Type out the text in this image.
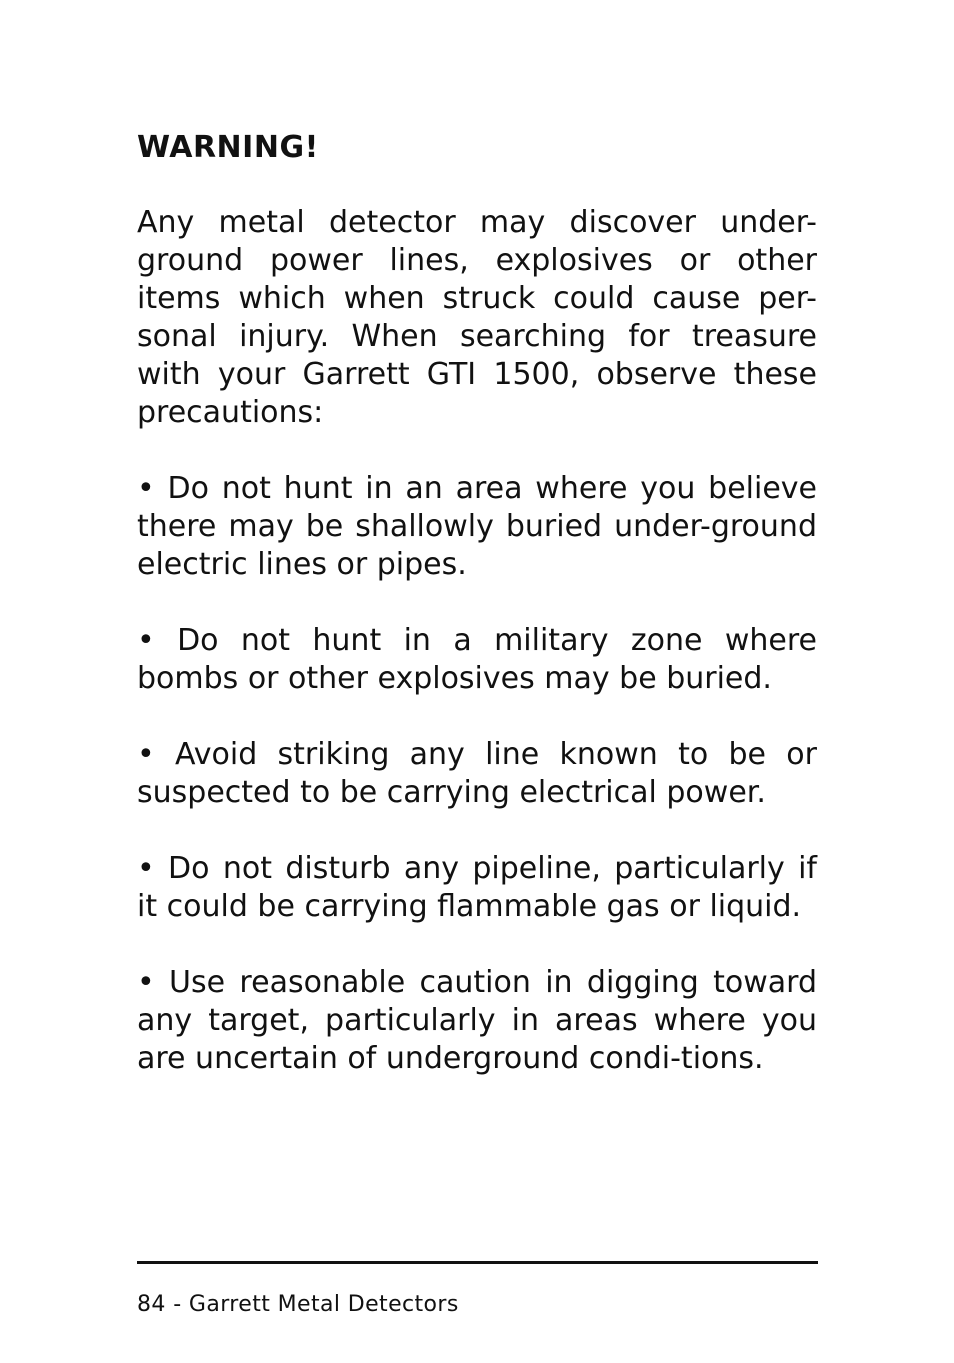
WARNING!

Any metal detector may discover under-ground power lines, explosives or other items which when struck could cause per-sonal injury. When searching for treasure with your Garrett GTI 1500, observe these precautions:

• Do not hunt in an area where you believe there may be shallowly buried under-ground electric lines or pipes.
• Do not hunt in a military zone where bombs or other explosives may be buried.
• Avoid striking any line known to be or suspected to be carrying electrical power.
• Do not disturb any pipeline, particularly if it could be carrying flammable gas or liquid.
• Use reasonable caution in digging toward any target, particularly in areas where you are uncertain of underground condi-tions.
84 - Garrett Metal Detectors
